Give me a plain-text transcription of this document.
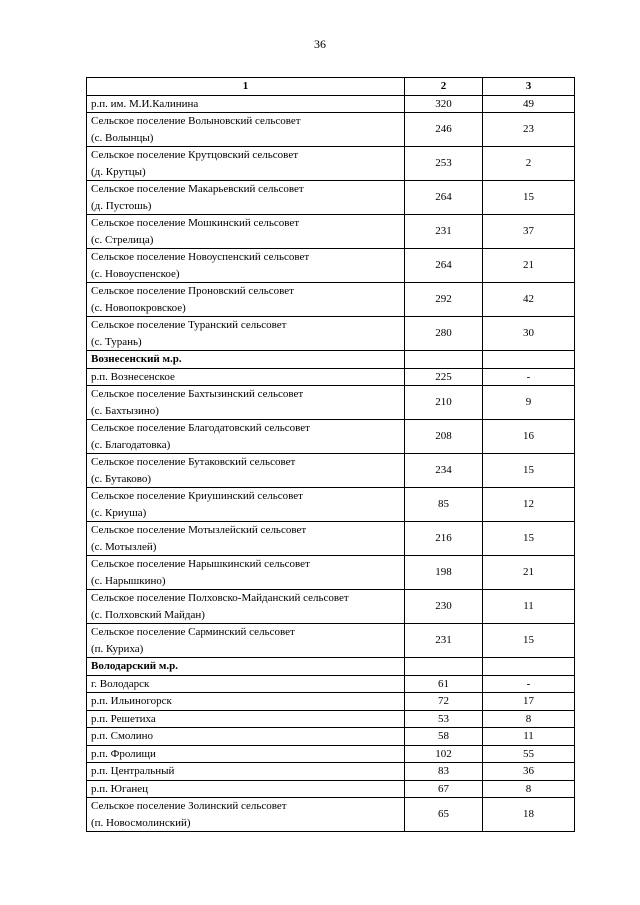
36
1	2	3

р.п. им. М.И.Калинина	320	49

Сельское поселение Волыновский сельсовет
(с. Волынцы)	246	23

Сельское поселение Крутцовский сельсовет
(д. Крутцы)	253	2

Сельское поселение Макарьевский сельсовет
(д. Пустошь)	264	15

Сельское поселение Мошкинский сельсовет
(с. Стрелица)	231	37

Сельское поселение Новоуспенский сельсовет
(с. Новоуспенское)	264	21

Сельское поселение Проновский сельсовет
(с. Новопокровское)	292	42

Сельское поселение Туранский сельсовет
(с. Турань)	280	30

Вознесенский м.р.		

р.п. Вознесенское	225	-

Сельское поселение Бахтызинский сельсовет
(с. Бахтызино)	210	9

Сельское поселение Благодатовский сельсовет
(с. Благодатовка)	208	16

Сельское поселение Бутаковский сельсовет
(с. Бутаково)	234	15

Сельское поселение Криушинский сельсовет
(с. Криуша)	85	12

Сельское поселение Мотызлейский сельсовет
(с. Мотызлей)	216	15

Сельское поселение Нарышкинский сельсовет
(с. Нарышкино)	198	21

Сельское поселение Полховско-Майданский сельсовет
(с. Полховский Майдан)	230	11

Сельское поселение Сарминский сельсовет
(п. Куриха)	231	15

Володарский м.р.		

г. Володарск	61	-

р.п. Ильиногорск	72	17

р.п. Решетиха	53	8

р.п. Смолино	58	11

р.п. Фролищи	102	55

р.п. Центральный	83	36

р.п. Юганец	67	8

Сельское поселение Золинский сельсовет
(п. Новосмолинский)	65	18
